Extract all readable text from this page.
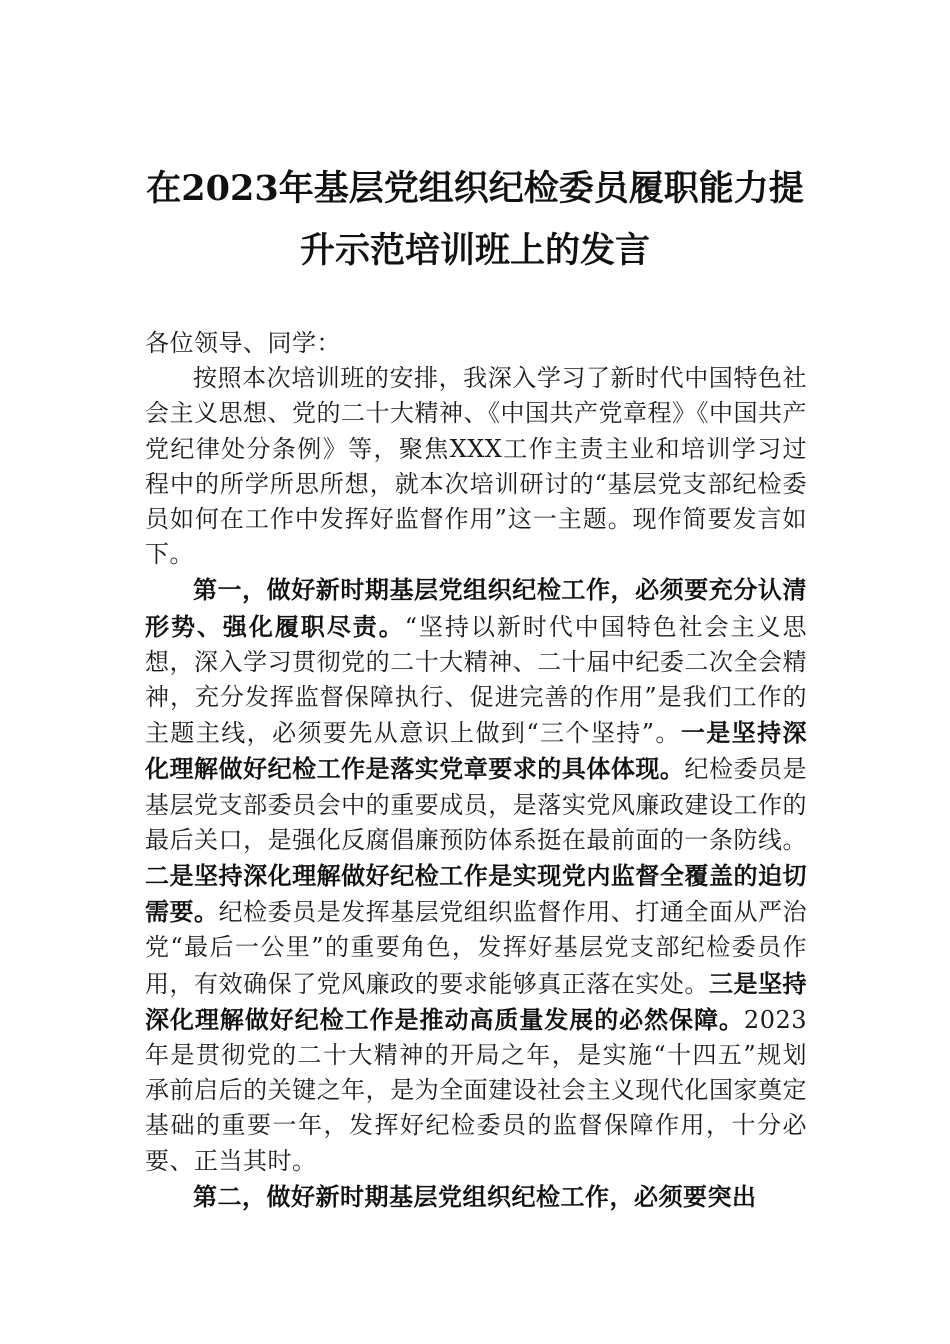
在2023年基层党组织纪检委员履职能力提升示范培训班上的发言

各位领导、同学：

按照本次培训班的安排，我深入学习了新时代中国特色社会主义思想、党的二十大精神、《中国共产党章程》《中国共产党纪律处分条例》等，聚焦XXX工作主责主业和培训学习过程中的所学所思所想，就本次培训研讨的“基层党支部纪检委员如何在工作中发挥好监督作用”这一主题。现作简要发言如下。

第一，做好新时期基层党组织纪检工作，必须要充分认清形势、强化履职尽责。“坚持以新时代中国特色社会主义思想，深入学习贯彻党的二十大精神、二十届中纪委二次全会精神，充分发挥监督保障执行、促进完善的作用”是我们工作的主题主线，必须要先从意识上做到“三个坚持”。一是坚持深化理解做好纪检工作是落实党章要求的具体体现。纪检委员是基层党支部委员会中的重要成员，是落实党风廉政建设工作的最后关口，是强化反腐倡廉预防体系挺在最前面的一条防线。二是坚持深化理解做好纪检工作是实现党内监督全覆盖的迫切需要。纪检委员是发挥基层党组织监督作用、打通全面从严治党“最后一公里”的重要角色，发挥好基层党支部纪检委员作用，有效确保了党风廉政的要求能够真正落在实处。三是坚持深化理解做好纪检工作是推动高质量发展的必然保障。2023年是贯彻党的二十大精神的开局之年，是实施“十四五”规划承前启后的关键之年，是为全面建设社会主义现代化国家奠定基础的重要一年，发挥好纪检委员的监督保障作用，十分必要、正当其时。

第二，做好新时期基层党组织纪检工作，必须要突出
